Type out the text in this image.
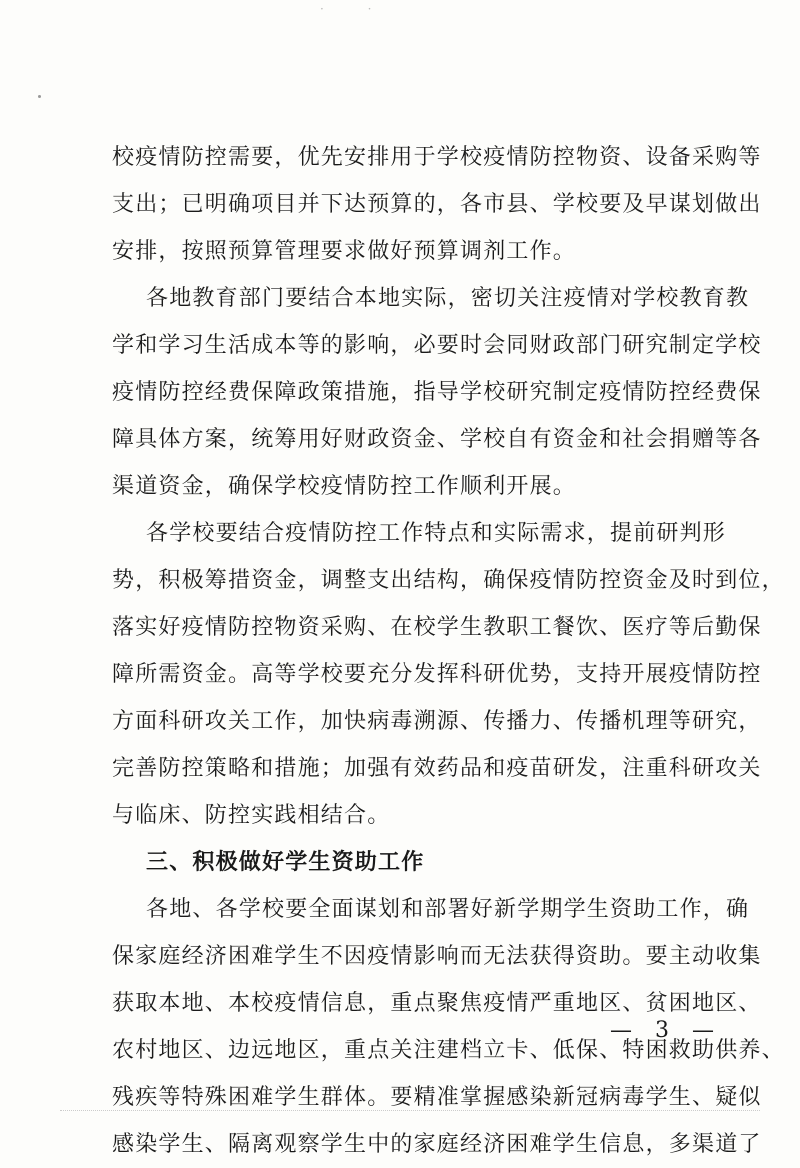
· ·
校疫情防控需要，优先安排用于学校疫情防控物资、设备采购等
支出；已明确项目并下达预算的，各市县、学校要及早谋划做出
安排，按照预算管理要求做好预算调剂工作。
各地教育部门要结合本地实际，密切关注疫情对学校教育教
学和学习生活成本等的影响，必要时会同财政部门研究制定学校
疫情防控经费保障政策措施，指导学校研究制定疫情防控经费保
障具体方案，统筹用好财政资金、学校自有资金和社会捐赠等各
渠道资金，确保学校疫情防控工作顺利开展。
各学校要结合疫情防控工作特点和实际需求，提前研判形
势，积极筹措资金，调整支出结构，确保疫情防控资金及时到位，
落实好疫情防控物资采购、在校学生教职工餐饮、医疗等后勤保
障所需资金。高等学校要充分发挥科研优势，支持开展疫情防控
方面科研攻关工作，加快病毒溯源、传播力、传播机理等研究，
完善防控策略和措施；加强有效药品和疫苗研发，注重科研攻关
与临床、防控实践相结合。
三、积极做好学生资助工作
各地、各学校要全面谋划和部署好新学期学生资助工作，确
保家庭经济困难学生不因疫情影响而无法获得资助。要主动收集
获取本地、本校疫情信息，重点聚焦疫情严重地区、贫困地区、
农村地区、边远地区，重点关注建档立卡、低保、特困救助供养、
残疾等特殊困难学生群体。要精准掌握感染新冠病毒学生、疑似
感染学生、隔离观察学生中的家庭经济困难学生信息，多渠道了
— 3 —
